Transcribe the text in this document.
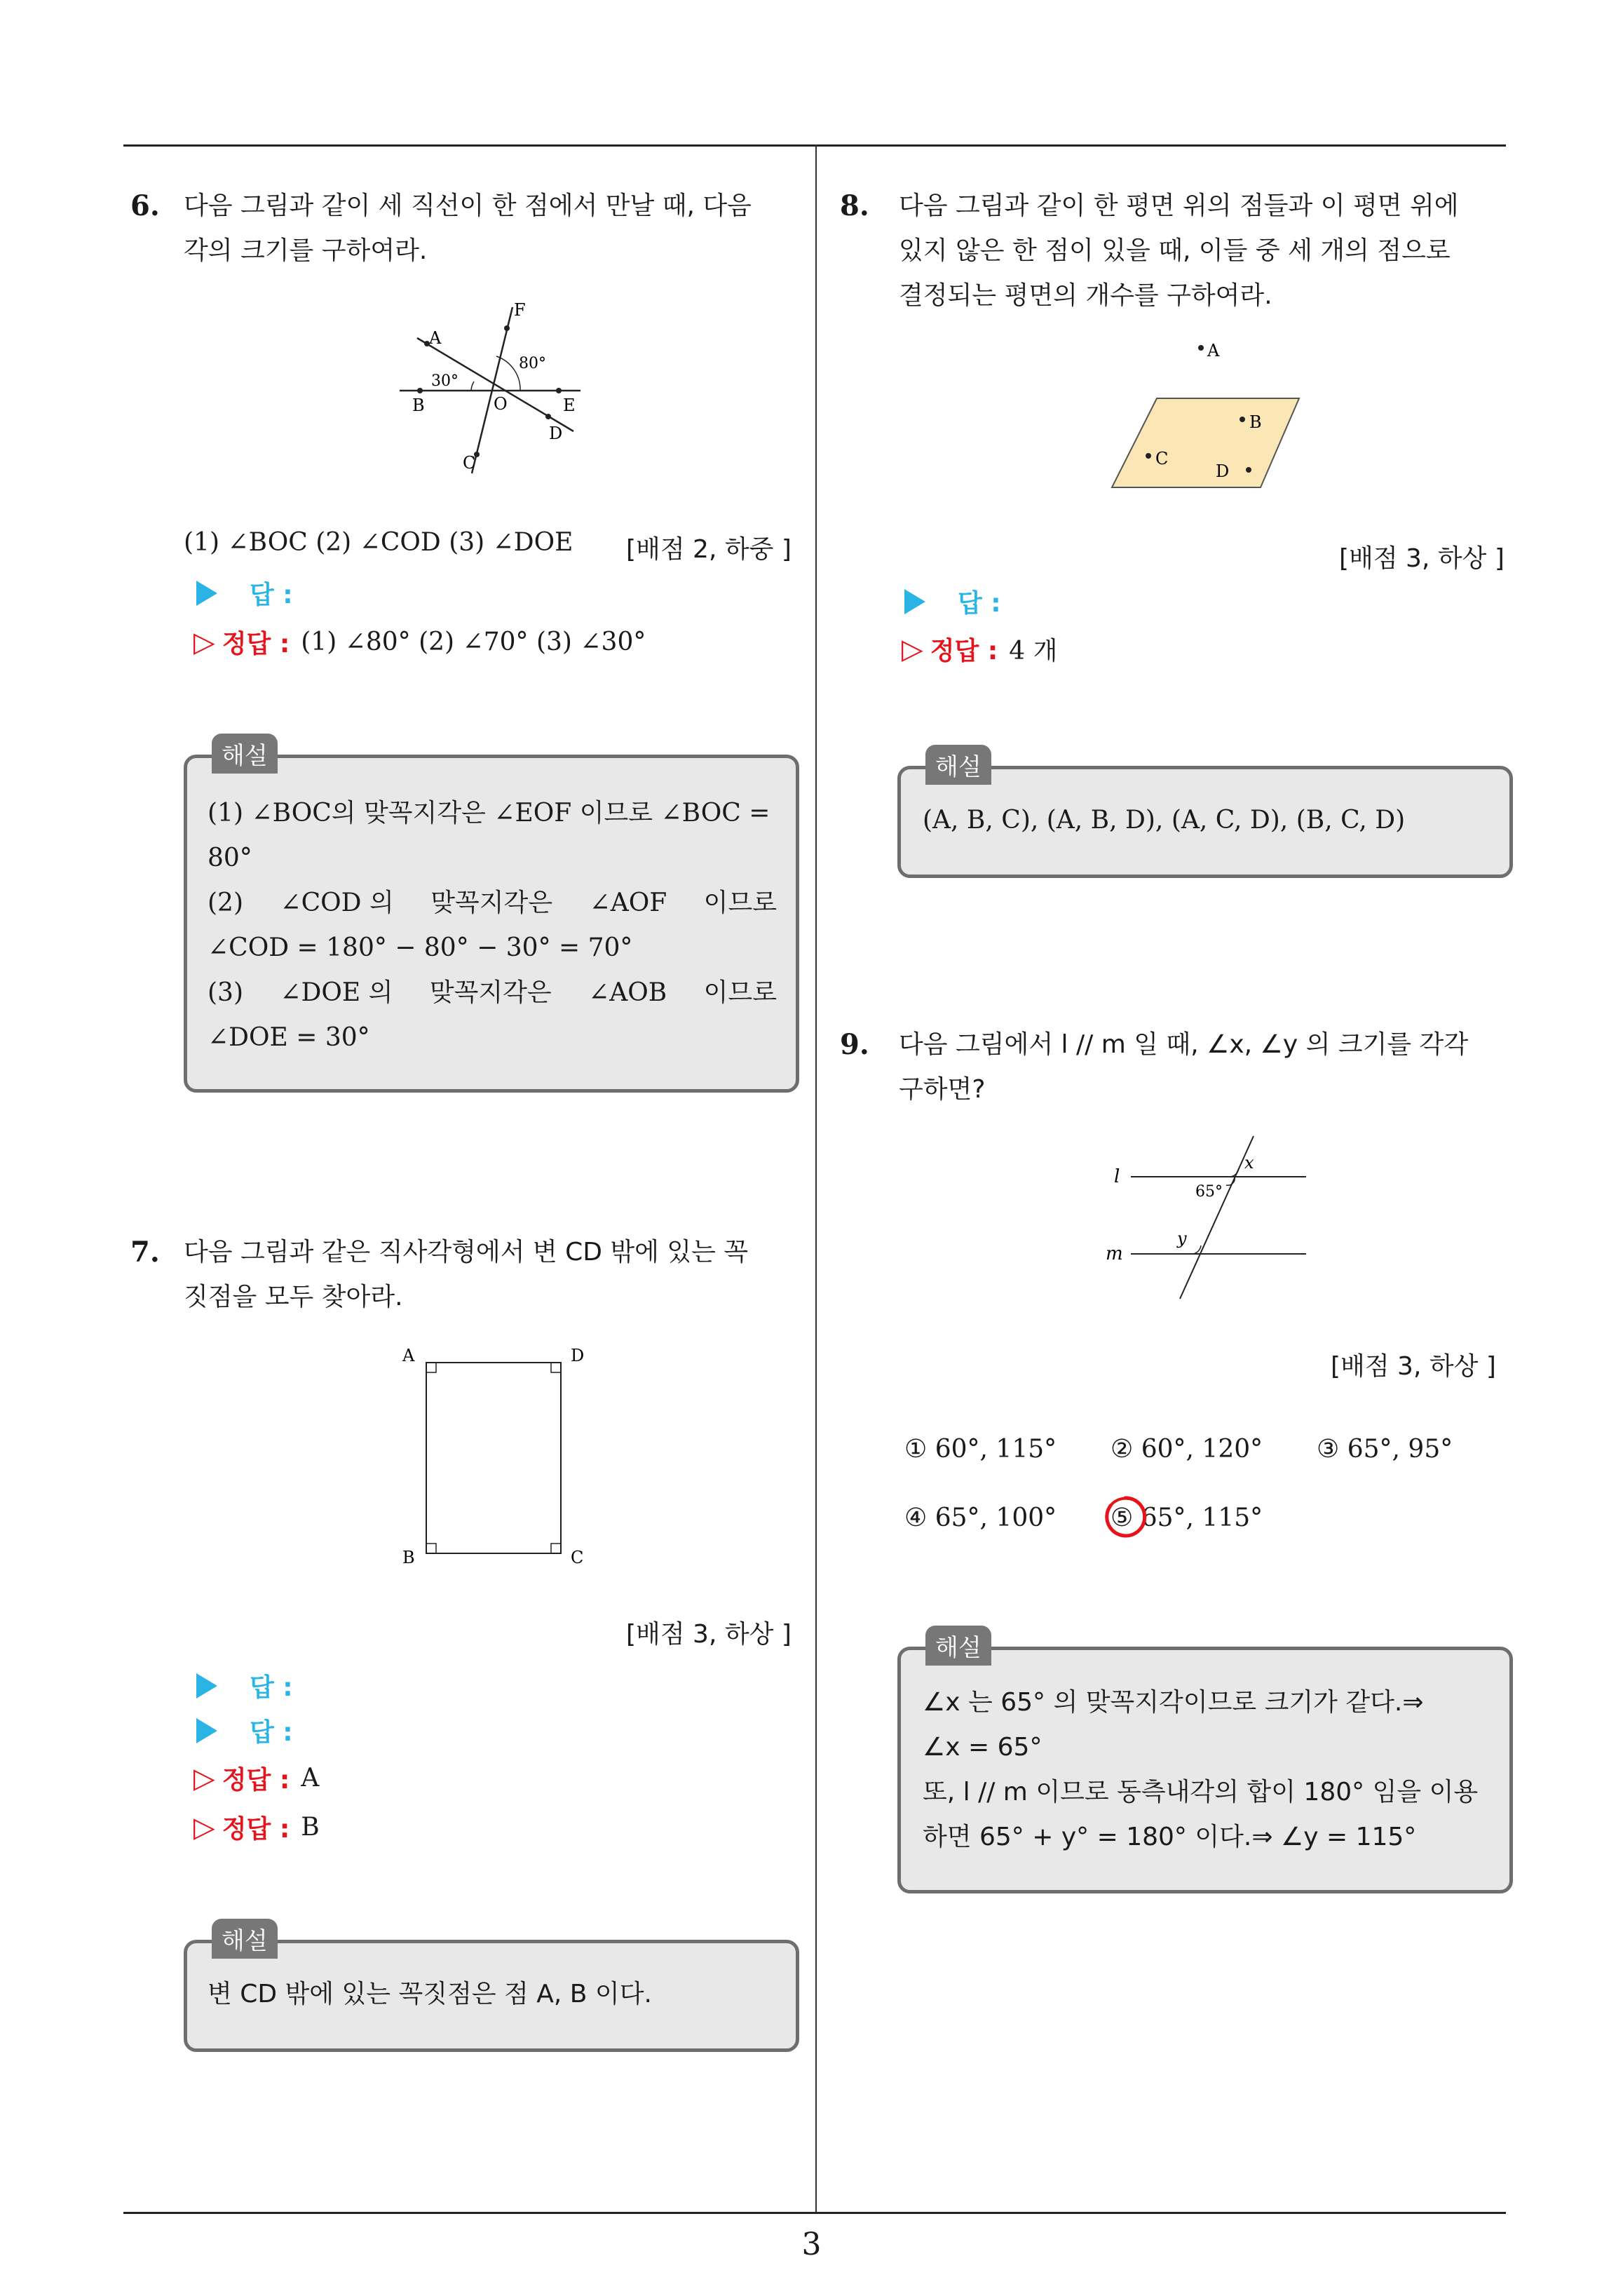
6. 다음 그림과 같이 세 직선이 한 점에서 만날 때, 다음
각의 크기를 구하여라.
A
B
C
D
E
F
O
30°
80°
(1) ∠BOC (2) ∠COD (3) ∠DOE [배점 2, 하중 ]
답 :
▷ 정답 : (1) ∠80° (2) ∠70° (3) ∠30°
해설
(1) ∠BOC의 맞꼭지각은 ∠EOF 이므로 ∠BOC =
80°
(2) ∠COD 의 맞꼭지각은 ∠AOF 이므로
∠COD = 180° − 80° − 30° = 70°
(3) ∠DOE 의 맞꼭지각은 ∠AOB 이므로
∠DOE = 30°
7. 다음 그림과 같은 직사각형에서 변 CD 밖에 있는 꼭
짓점을 모두 찾아라.
A	D
B	C
[배점 3, 하상 ]
답 :
답 :
▷ 정답 : A
▷ 정답 : B
해설
변 CD 밖에 있는 꼭짓점은 점 A, B 이다.
8. 다음 그림과 같이 한 평면 위의 점들과 이 평면 위에
있지 않은 한 점이 있을 때, 이들 중 세 개의 점으로
결정되는 평면의 개수를 구하여라.
A
B
C
D
[배점 3, 하상 ]
답 :
▷ 정답 : 4 개
해설
(A, B, C), (A, B, D), (A, C, D), (B, C, D)
9. 다음 그림에서 l // m 일 때, ∠x, ∠y 의 크기를 각각
구하면?
l
m
x
y
65°
[배점 3, 하상 ]
① 60°, 115° ② 60°, 120° ③ 65°, 95°
④ 65°, 100° ⑤ 65°, 115°
해설
∠x 는 65° 의 맞꼭지각이므로 크기가 같다.⇒
∠x = 65°
또, l // m 이므로 동측내각의 합이 180° 임을 이용
하면 65° + y° = 180° 이다.⇒ ∠y = 115°
3
